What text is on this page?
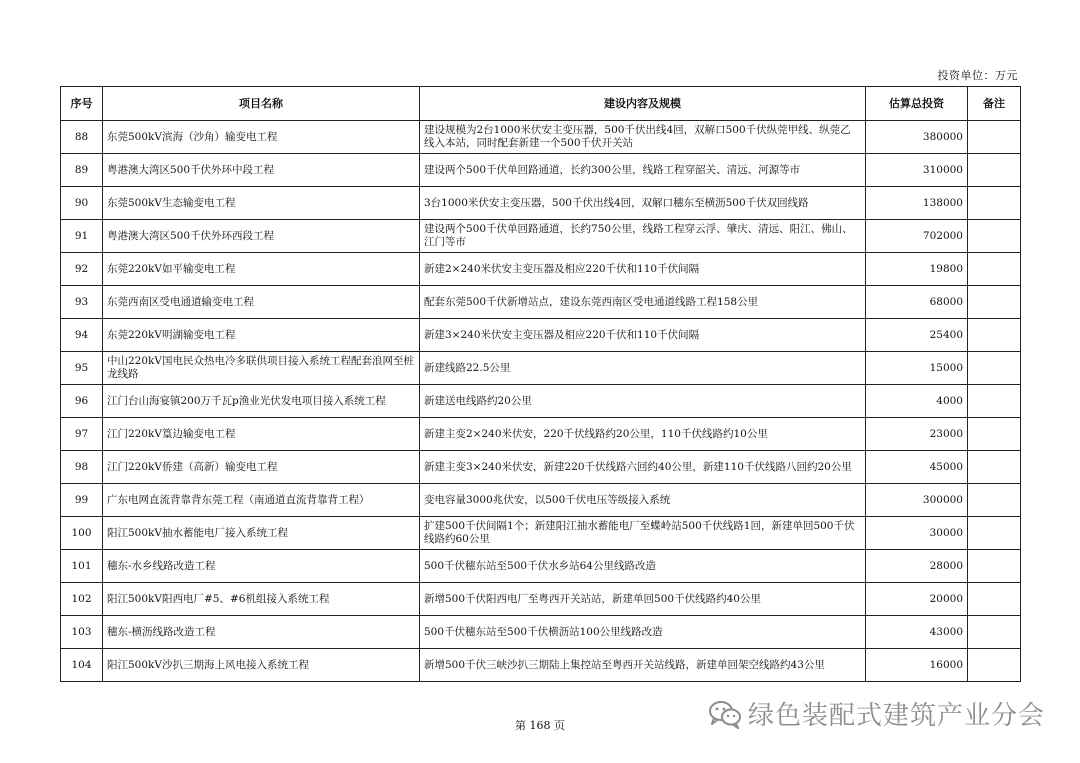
投资单位：万元
序号	项目名称	建设内容及规模	估算总投资	备注
88	东莞500kV滨海（沙角）输变电工程	建设规模为2台1000米伏安主变压器，500千伏出线4回，双解口500千伏纵莞甲线、纵莞乙线入本站，同时配套新建一个500千伏开关站	380000	
89	粤港澳大湾区500千伏外环中段工程	建设两个500千伏单回路通道，长约300公里，线路工程穿韶关、清远、河源等市	310000	
90	东莞500kV生态输变电工程	3台1000米伏安主变压器，500千伏出线4回，双解口穗东至横沥500千伏双回线路	138000	
91	粤港澳大湾区500千伏外环西段工程	建设两个500千伏单回路通道，长约750公里，线路工程穿云浮、肇庆、清远、阳江、佛山、江门等市	702000	
92	东莞220kV如平输变电工程	新建2×240米伏安主变压器及相应220千伏和110千伏间隔	19800	
93	东莞西南区受电通道输变电工程	配套东莞500千伏新增站点，建设东莞西南区受电通道线路工程158公里	68000	
94	东莞220kV明湖输变电工程	新建3×240米伏安主变压器及相应220千伏和110千伏间隔	25400	
95	中山220kV国电民众热电冷多联供项目接入系统工程配套浪网至桩龙线路	新建线路22.5公里	15000	
96	江门台山海宴镇200万千瓦p渔业光伏发电项目接入系统工程	新建送电线路约20公里	4000	
97	江门220kV篁边输变电工程	新建主变2×240米伏安，220千伏线路约20公里，110千伏线路约10公里	23000	
98	江门220kV侨建（高新）输变电工程	新建主变3×240米伏安，新建220千伏线路六回约40公里，新建110千伏线路八回约20公里	45000	
99	广东电网直流背靠背东莞工程（南通道直流背靠背工程）	变电容量3000兆伏安，以500千伏电压等级接入系统	300000	
100	阳江500kV抽水蓄能电厂接入系统工程	扩建500千伏间隔1个；新建阳江抽水蓄能电厂至蝶岭站500千伏线路1回，新建单回500千伏线路约60公里	30000	
101	穗东-水乡线路改造工程	500千伏穗东站至500千伏水乡站64公里线路改造	28000	
102	阳江500kV阳西电厂#5、#6机组接入系统工程	新增500千伏阳西电厂至粤西开关站站，新建单回500千伏线路约40公里	20000	
103	穗东-横沥线路改造工程	500千伏穗东站至500千伏横沥站100公里线路改造	43000	
104	阳江500kV沙扒三期海上风电接入系统工程	新增500千伏三峡沙扒三期陆上集控站至粤西开关站线路，新建单回架空线路约43公里	16000	
第 168 页	绿色装配式建筑产业分会
